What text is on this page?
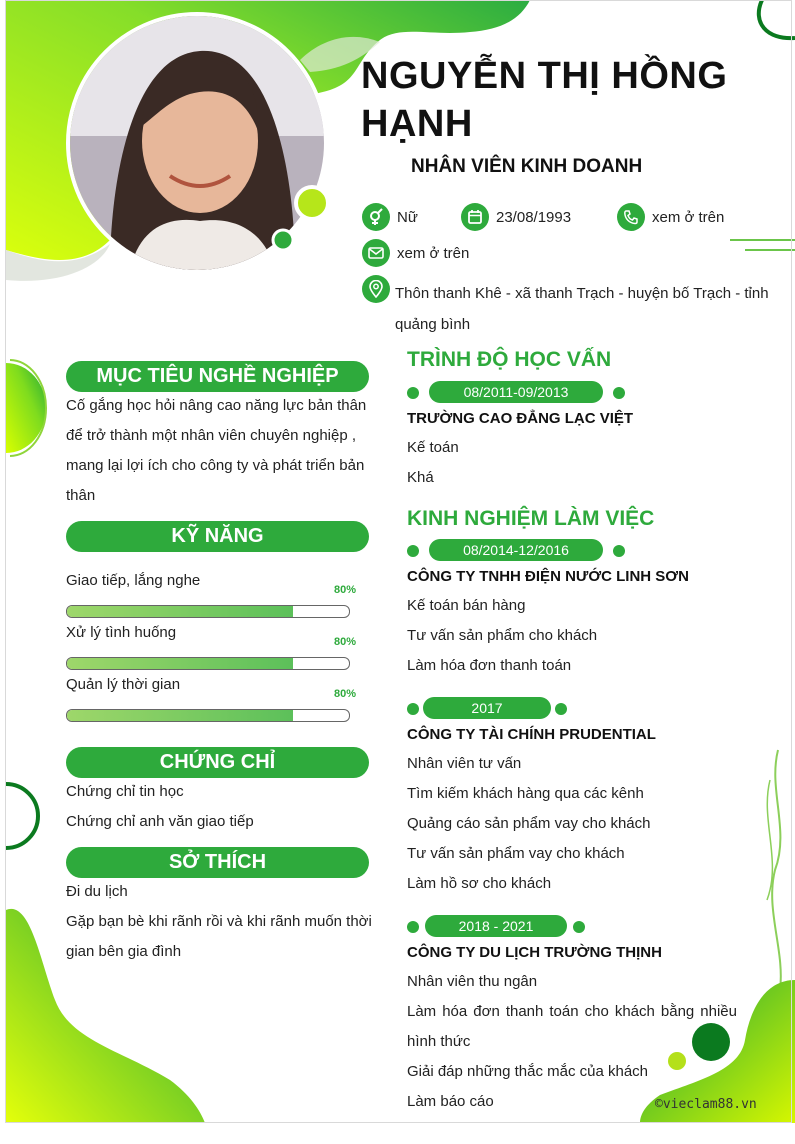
NGUYỄN THỊ HỒNG HẠNH
NHÂN VIÊN KINH DOANH
Nữ	23/08/1993	xem ở trên
xem ở trên
Thôn thanh Khê - xã thanh Trạch - huyện bố Trạch - tỉnh quảng bình
MỤC TIÊU NGHỀ NGHIỆP
Cố gắng học hỏi nâng cao năng lực bản thân
để trở thành một nhân viên chuyên nghiệp ,
mang lại lợi ích cho công ty và phát triển bản
thân
KỸ NĂNG
Giao tiếp, lắng nghe
80%
Xử lý tình huống
80%
Quản lý thời gian
80%
CHỨNG CHỈ
Chứng chỉ tin học
Chứng chỉ anh văn giao tiếp
SỞ THÍCH
Đi du lịch
Gặp bạn bè khi rãnh rồi và khi rãnh muốn thời
gian bên gia đình
TRÌNH ĐỘ HỌC VẤN
08/2011-09/2013
TRƯỜNG CAO ĐẲNG LẠC VIỆT
Kế toán
Khá
KINH NGHIỆM LÀM VIỆC
08/2014-12/2016
CÔNG TY TNHH ĐIỆN NƯỚC LINH SƠN
Kế toán bán hàng
Tư vấn sản phẩm cho khách
Làm hóa đơn thanh toán
2017
CÔNG TY TÀI CHÍNH PRUDENTIAL
Nhân viên tư vấn
Tìm kiếm khách hàng qua các kênh
Quảng cáo sản phẩm vay cho khách
Tư vấn sản phẩm vay cho khách
Làm hồ sơ cho khách
2018 - 2021
CÔNG TY DU LỊCH TRƯỜNG THỊNH
Nhân viên thu ngân
Làm hóa đơn thanh toán cho khách bằng nhiều
hình thức
Giải đáp những thắc mắc của khách
Làm báo cáo	©vieclam88.vn
